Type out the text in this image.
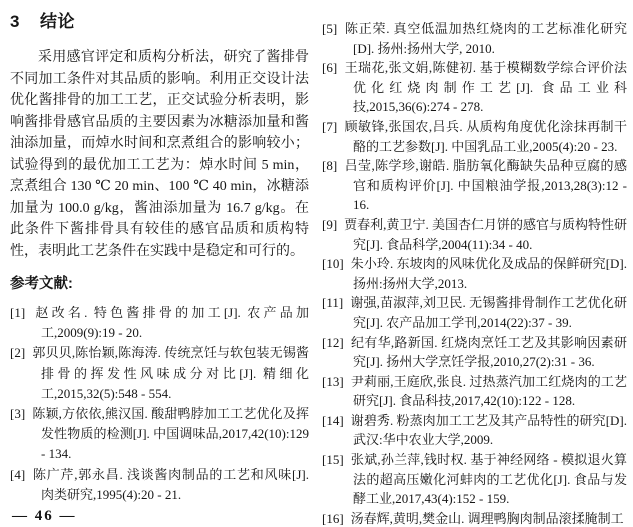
3 结论

采用感官评定和质构分析法，研究了酱排骨不同加工条件对其品质的影响。利用正交设计法优化酱排骨的加工工艺，正交试验分析表明，影响酱排骨感官品质的主要因素为冰糖添加量和酱油添加量，而焯水时间和烹煮组合的影响较小；试验得到的最优加工工艺为：焯水时间 5 min，烹煮组合 130 ℃ 20 min、100 ℃ 40 min，冰糖添加量为 100.0 g/kg，酱油添加量为 16.7 g/kg。在此条件下酱排骨具有较佳的感官品质和质构特性，表明此工艺条件在实践中是稳定和可行的。

参考文献:
[1] 赵改名. 特色酱排骨的加工[J]. 农产品加工,2009(9):19 - 20.
[2] 郭贝贝,陈怡颖,陈海涛. 传统烹饪与软包装无锡酱排骨的挥发性风味成分对比[J]. 精细化工,2015,32(5):548 - 554.
[3] 陈颖,方依依,熊汉国. 酸甜鸭脖加工工艺优化及挥发性物质的检测[J]. 中国调味品,2017,42(10):129 - 134.
[4] 陈广芹,郭永昌. 浅谈酱肉制品的工艺和风味[J]. 肉类研究,1995(4):20 - 21.
— 46 —
[5] 陈正荣. 真空低温加热红烧肉的工艺标准化研究[D]. 扬州:扬州大学, 2010.
[6] 王瑞花,张文娟,陈健初. 基于模糊数学综合评价法优化红烧肉制作工艺[J]. 食品工业科技,2015,36(6):274 - 278.
[7] 顾敏锋,张国农,吕兵. 从质构角度优化涂抹再制干酪的工艺参数[J]. 中国乳品工业,2005(4):20 - 23.
[8] 吕莹,陈学珍,谢皓. 脂肪氧化酶缺失品种豆腐的感官和质构评价[J]. 中国粮油学报,2013,28(3):12 - 16.
[9] 贾春利,黄卫宁. 美国杏仁月饼的感官与质构特性研究[J]. 食品科学,2004(11):34 - 40.
[10] 朱小玲. 东坡肉的风味优化及成品的保鲜研究[D]. 扬州:扬州大学,2013.
[11] 谢强,苗淑萍,刘卫民. 无锡酱排骨制作工艺优化研究[J]. 农产品加工学刊,2014(22):37 - 39.
[12] 纪有华,路新国. 红烧肉烹饪工艺及其影响因素研究[J]. 扬州大学烹饪学报,2010,27(2):31 - 36.
[13] 尹莉丽,王庭欣,张良. 过热蒸汽加工红烧肉的工艺研究[J]. 食品科技,2017,42(10):122 - 128.
[14] 谢碧秀. 粉蒸肉加工工艺及其产品特性的研究[D]. 武汉:华中农业大学,2009.
[15] 张斌,孙兰萍,钱时权. 基于神经网络 - 模拟退火算法的超高压嫩化河蚌肉的工艺优化[J]. 食品与发酵工业,2017,43(4):152 - 159.
[16] 汤春辉,黄明,樊金山. 调理鸭胸肉制品滚揉腌制工
